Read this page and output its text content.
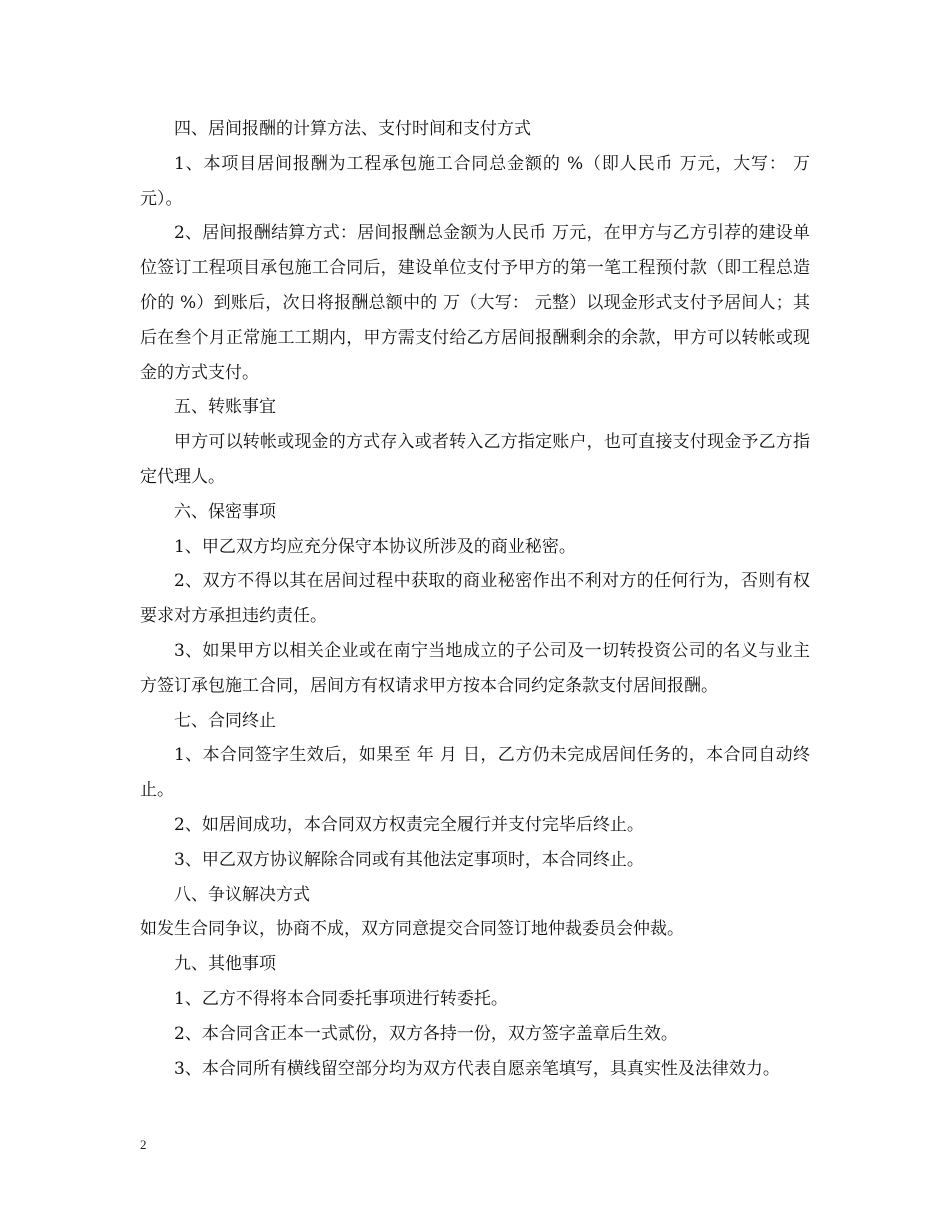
四、居间报酬的计算方法、支付时间和支付方式

1、本项目居间报酬为工程承包施工合同总金额的 %（即人民币 万元，大写： 万元）。

2、居间报酬结算方式：居间报酬总金额为人民币 万元，在甲方与乙方引荐的建设单位签订工程项目承包施工合同后，建设单位支付予甲方的第一笔工程预付款（即工程总造价的 %）到账后，次日将报酬总额中的 万（大写： 元整）以现金形式支付予居间人；其后在叁个月正常施工工期内，甲方需支付给乙方居间报酬剩余的余款，甲方可以转帐或现金的方式支付。

五、转账事宜

甲方可以转帐或现金的方式存入或者转入乙方指定账户，也可直接支付现金予乙方指定代理人。

六、保密事项

1、甲乙双方均应充分保守本协议所涉及的商业秘密。

2、双方不得以其在居间过程中获取的商业秘密作出不利对方的任何行为，否则有权要求对方承担违约责任。

3、如果甲方以相关企业或在南宁当地成立的子公司及一切转投资公司的名义与业主方签订承包施工合同，居间方有权请求甲方按本合同约定条款支付居间报酬。

七、合同终止

1、本合同签字生效后，如果至 年 月 日，乙方仍未完成居间任务的，本合同自动终止。

2、如居间成功，本合同双方权责完全履行并支付完毕后终止。

3、甲乙双方协议解除合同或有其他法定事项时，本合同终止。

八、争议解决方式

如发生合同争议，协商不成，双方同意提交合同签订地仲裁委员会仲裁。

九、其他事项

1、乙方不得将本合同委托事项进行转委托。

2、本合同含正本一式贰份，双方各持一份，双方签字盖章后生效。

3、本合同所有横线留空部分均为双方代表自愿亲笔填写，具真实性及法律效力。

2
